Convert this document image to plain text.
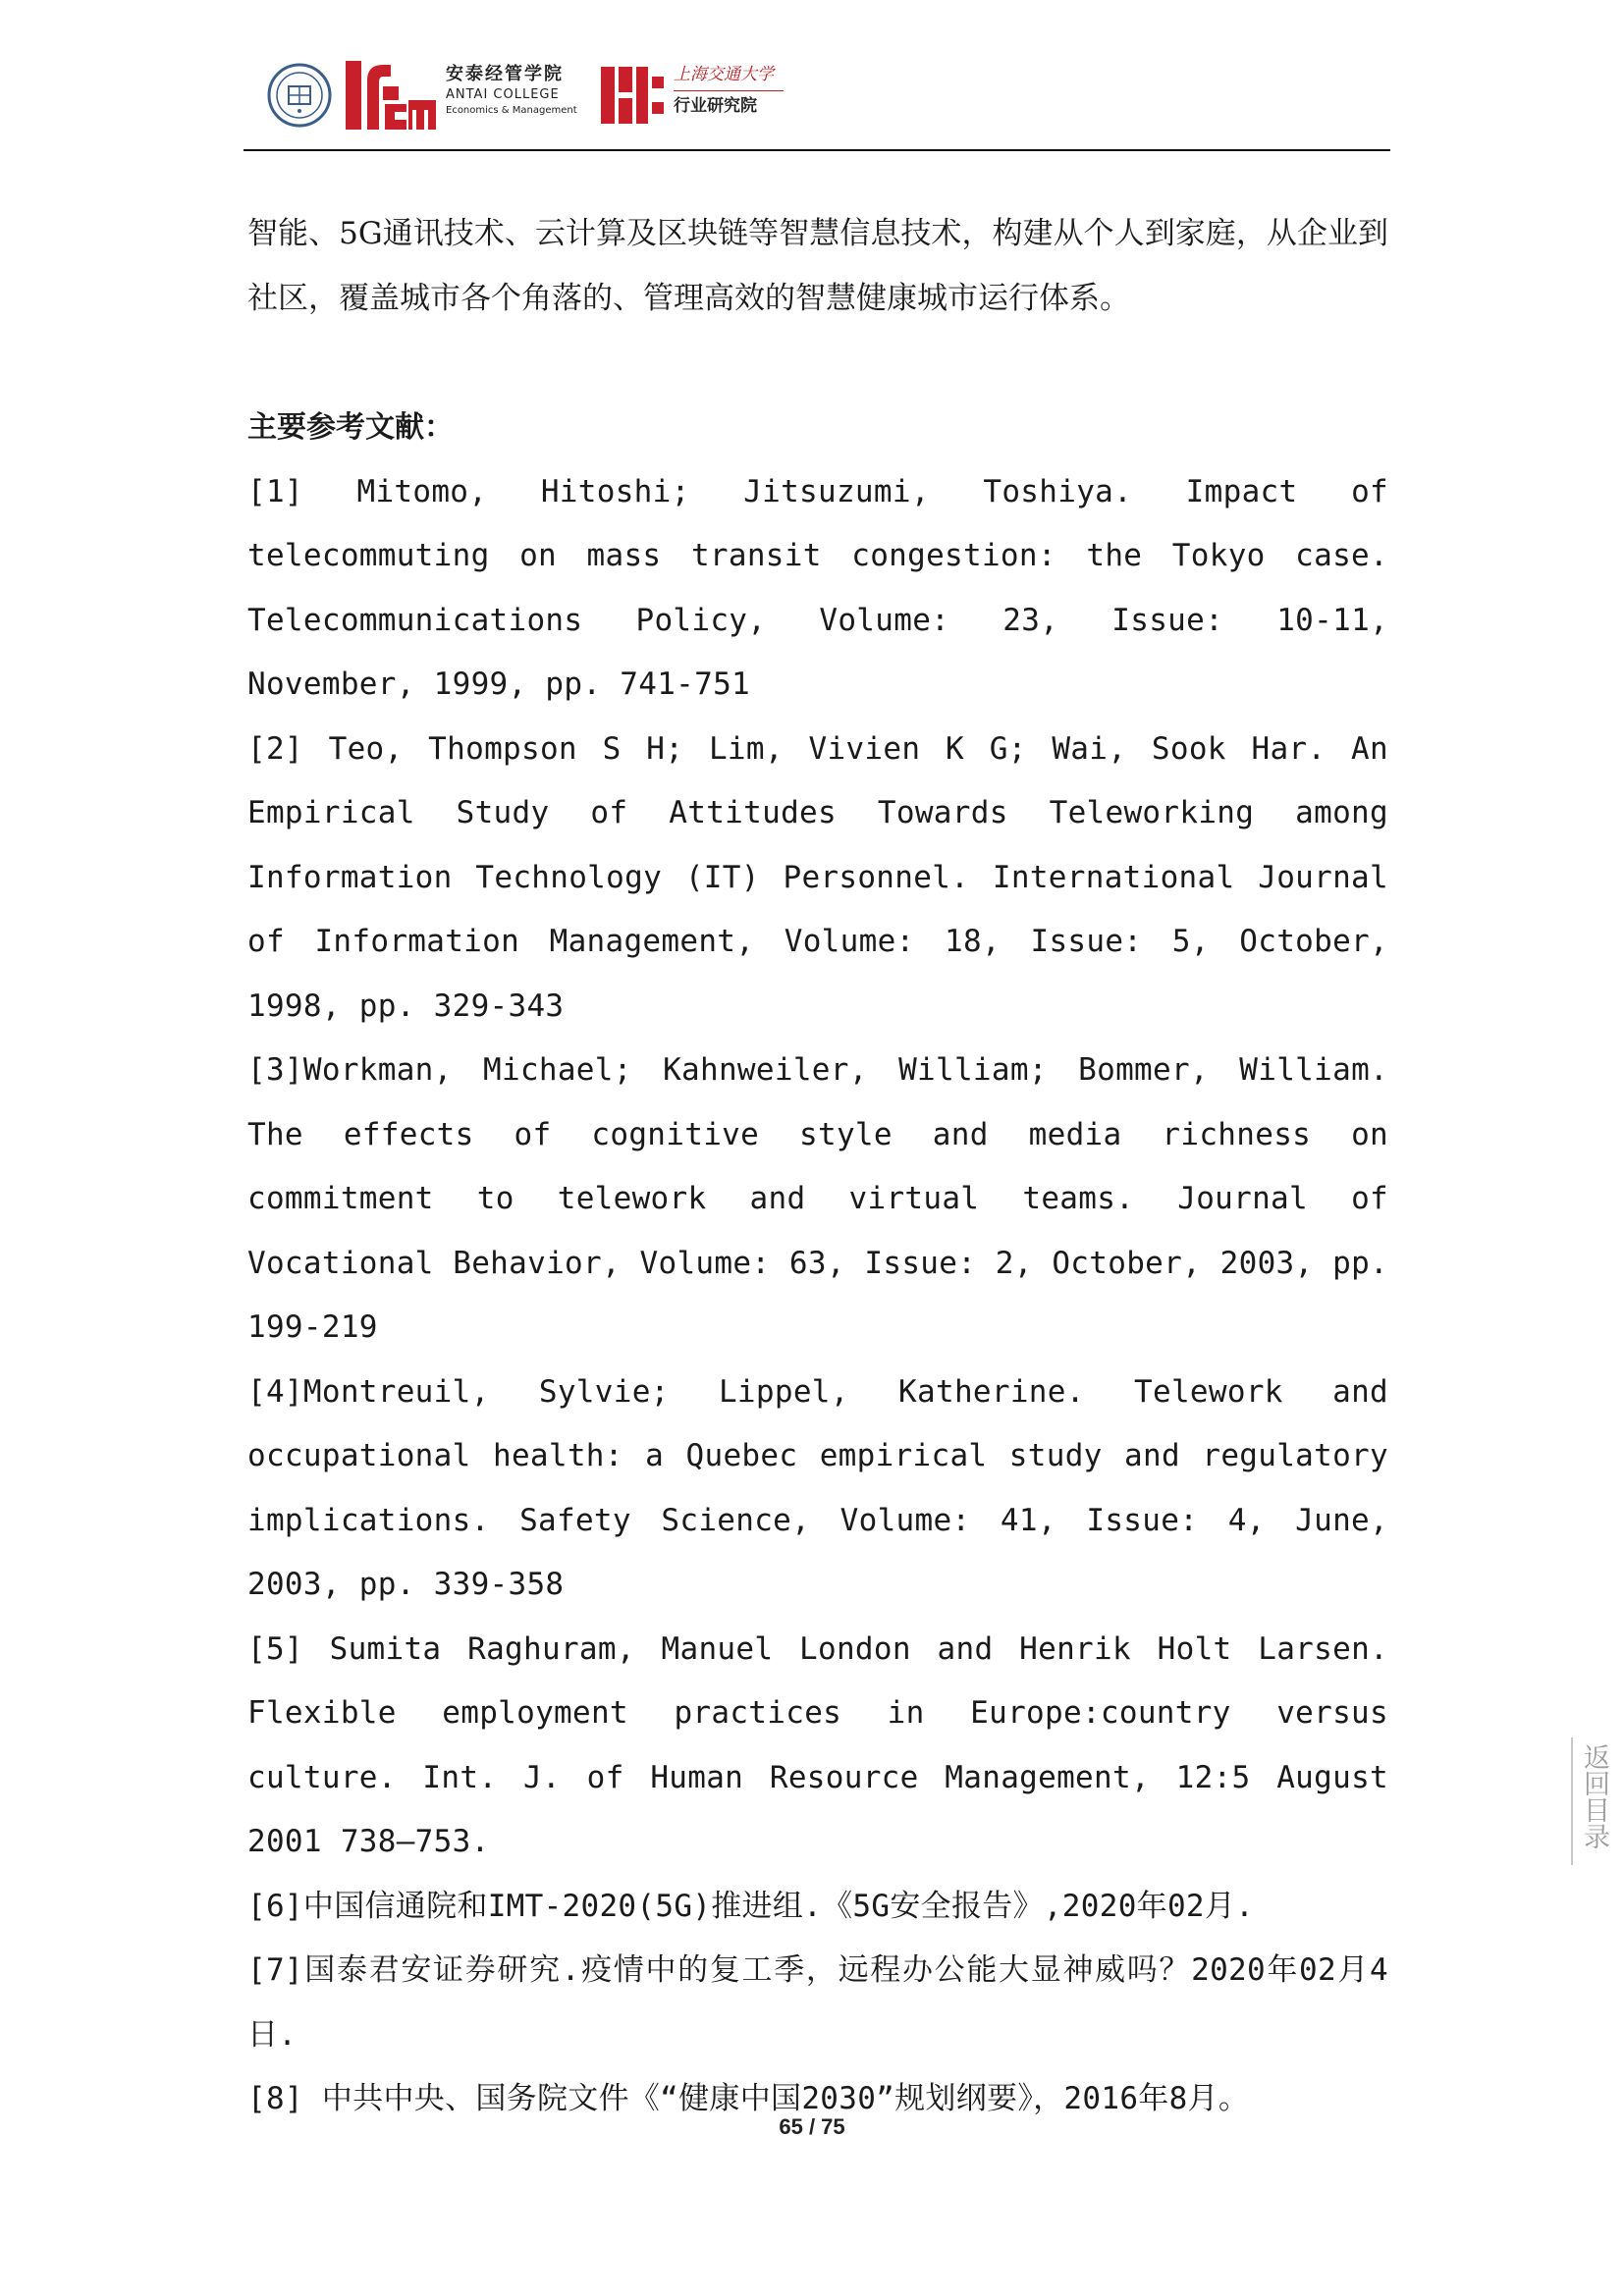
安泰经管学院
ANTAI COLLEGE
Economics & Management
上海交通大学
行业研究院

智能、5G通讯技术、云计算及区块链等智慧信息技术，构建从个人到家庭，从企业到社区，覆盖城市各个角落的、管理高效的智慧健康城市运行体系。

主要参考文献：

[1] Mitomo, Hitoshi; Jitsuzumi, Toshiya. Impact of telecommuting on mass transit congestion: the Tokyo case. Telecommunications Policy, Volume: 23, Issue: 10-11, November, 1999, pp. 741-751

[2] Teo, Thompson S H; Lim, Vivien K G; Wai, Sook Har. An Empirical Study of Attitudes Towards Teleworking among Information Technology (IT) Personnel. International Journal of Information Management, Volume: 18, Issue: 5, October, 1998, pp. 329-343

[3]Workman, Michael; Kahnweiler, William; Bommer, William. The effects of cognitive style and media richness on commitment to telework and virtual teams. Journal of Vocational Behavior, Volume: 63, Issue: 2, October, 2003, pp. 199-219

[4]Montreuil, Sylvie; Lippel, Katherine. Telework and occupational health: a Quebec empirical study and regulatory implications. Safety Science, Volume: 41, Issue: 4, June, 2003, pp. 339-358

[5] Sumita Raghuram, Manuel London and Henrik Holt Larsen. Flexible employment practices in Europe:country versus culture. Int. J. of Human Resource Management, 12:5 August 2001 738–753.

[6]中国信通院和IMT-2020(5G)推进组.《5G安全报告》,2020年02月.

[7]国泰君安证券研究.疫情中的复工季，远程办公能大显神威吗？2020年02月4日.

[8] 中共中央、国务院文件《“健康中国2030”规划纲要》，2016年8月。

返回目录
65 / 75
